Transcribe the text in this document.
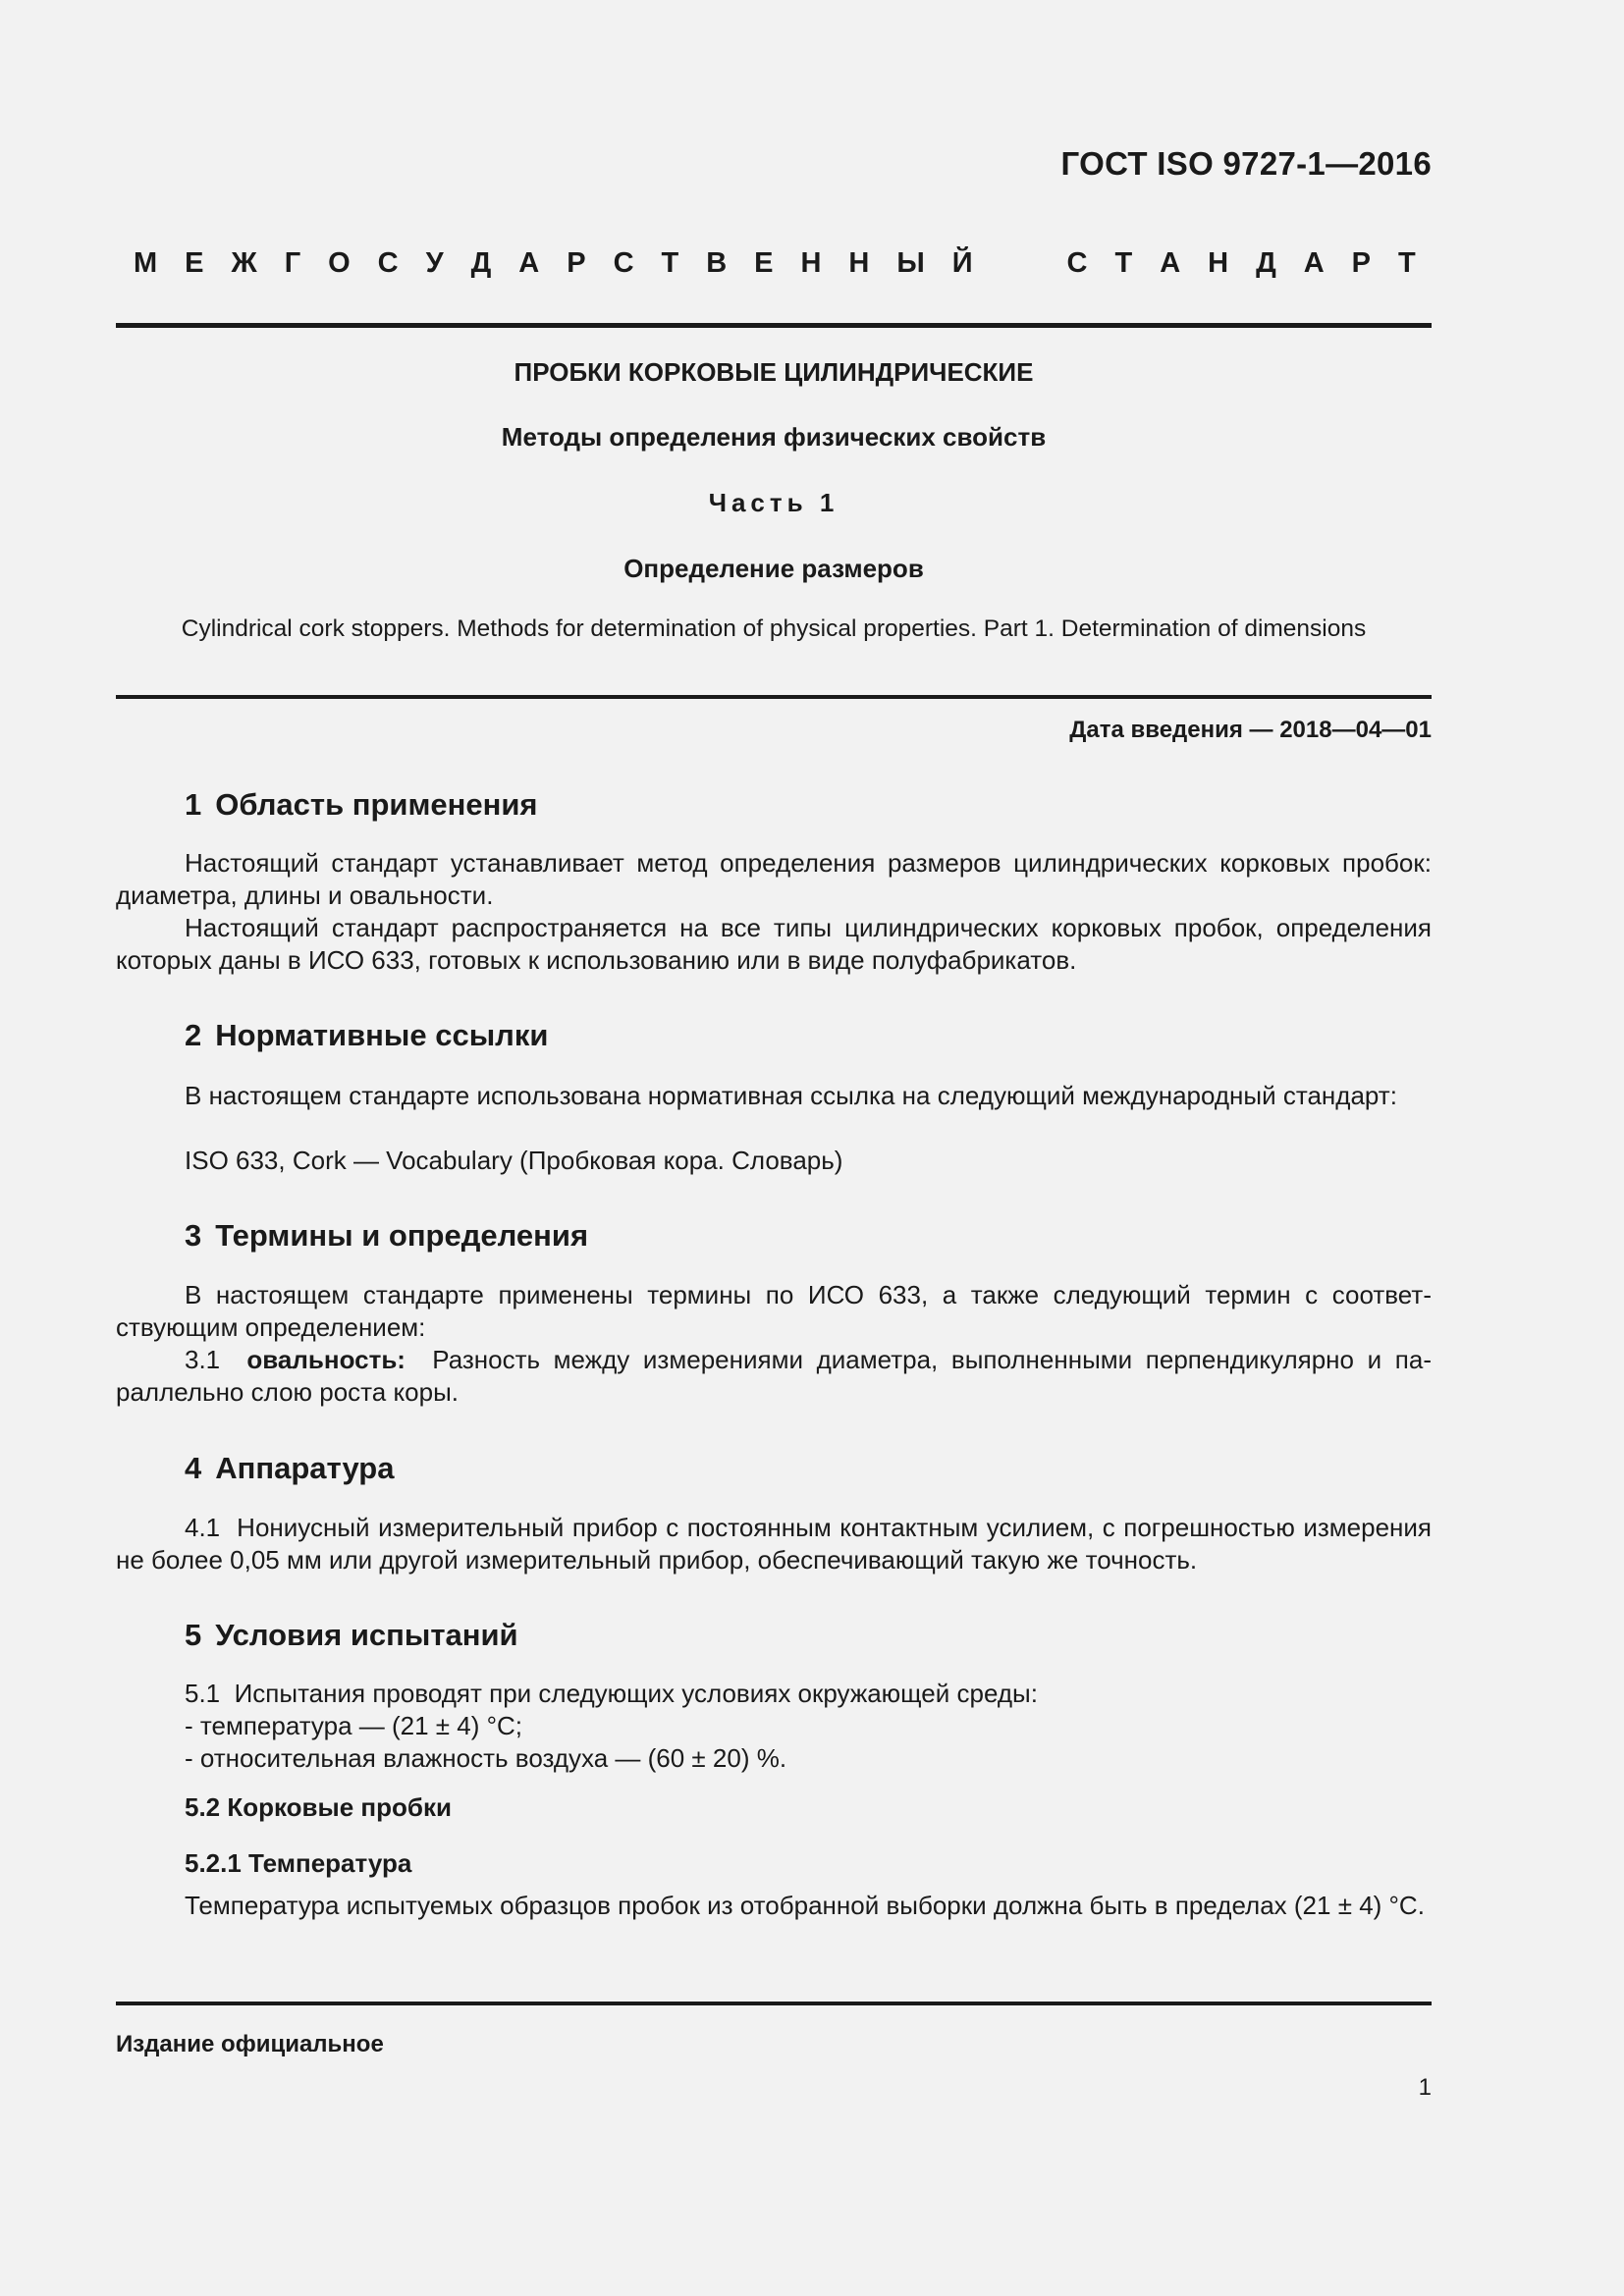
ГОСТ ISO 9727-1—2016
М Е Ж Г О С У Д А Р С Т В Е Н Н Ы Й	С Т А Н Д А Р Т
ПРОБКИ КОРКОВЫЕ ЦИЛИНДРИЧЕСКИЕ
Методы определения физических свойств
Часть 1
Определение размеров
Cylindrical cork stoppers. Methods for determination of physical properties. Part 1. Determination of dimensions
Дата введения — 2018—04—01
1 Область применения
Настоящий стандарт устанавливает метод определения размеров цилиндрических корковых пробок: диаметра, длины и овальности.
Настоящий стандарт распространяется на все типы цилиндрических корковых пробок, определения которых даны в ИСО 633, готовых к использованию или в виде полуфабрикатов.
2 Нормативные ссылки
В настоящем стандарте использована нормативная ссылка на следующий международный стандарт:
ISO 633, Cork — Vocabulary (Пробковая кора. Словарь)
3 Термины и определения
В настоящем стандарте применены термины по ИСО 633, а также следующий термин с соответствующим определением:
3.1 овальность: Разность между измерениями диаметра, выполненными перпендикулярно и параллельно слою роста коры.
4 Аппаратура
4.1 Нониусный измерительный прибор с постоянным контактным усилием, с погрешностью измерения не более 0,05 мм или другой измерительный прибор, обеспечивающий такую же точность.
5 Условия испытаний
5.1 Испытания проводят при следующих условиях окружающей среды:
- температура — (21 ± 4) °С;
- относительная влажность воздуха — (60 ± 20) %.
5.2 Корковые пробки
5.2.1 Температура
Температура испытуемых образцов пробок из отобранной выборки должна быть в пределах (21 ± 4) °С.
Издание официальное
1
